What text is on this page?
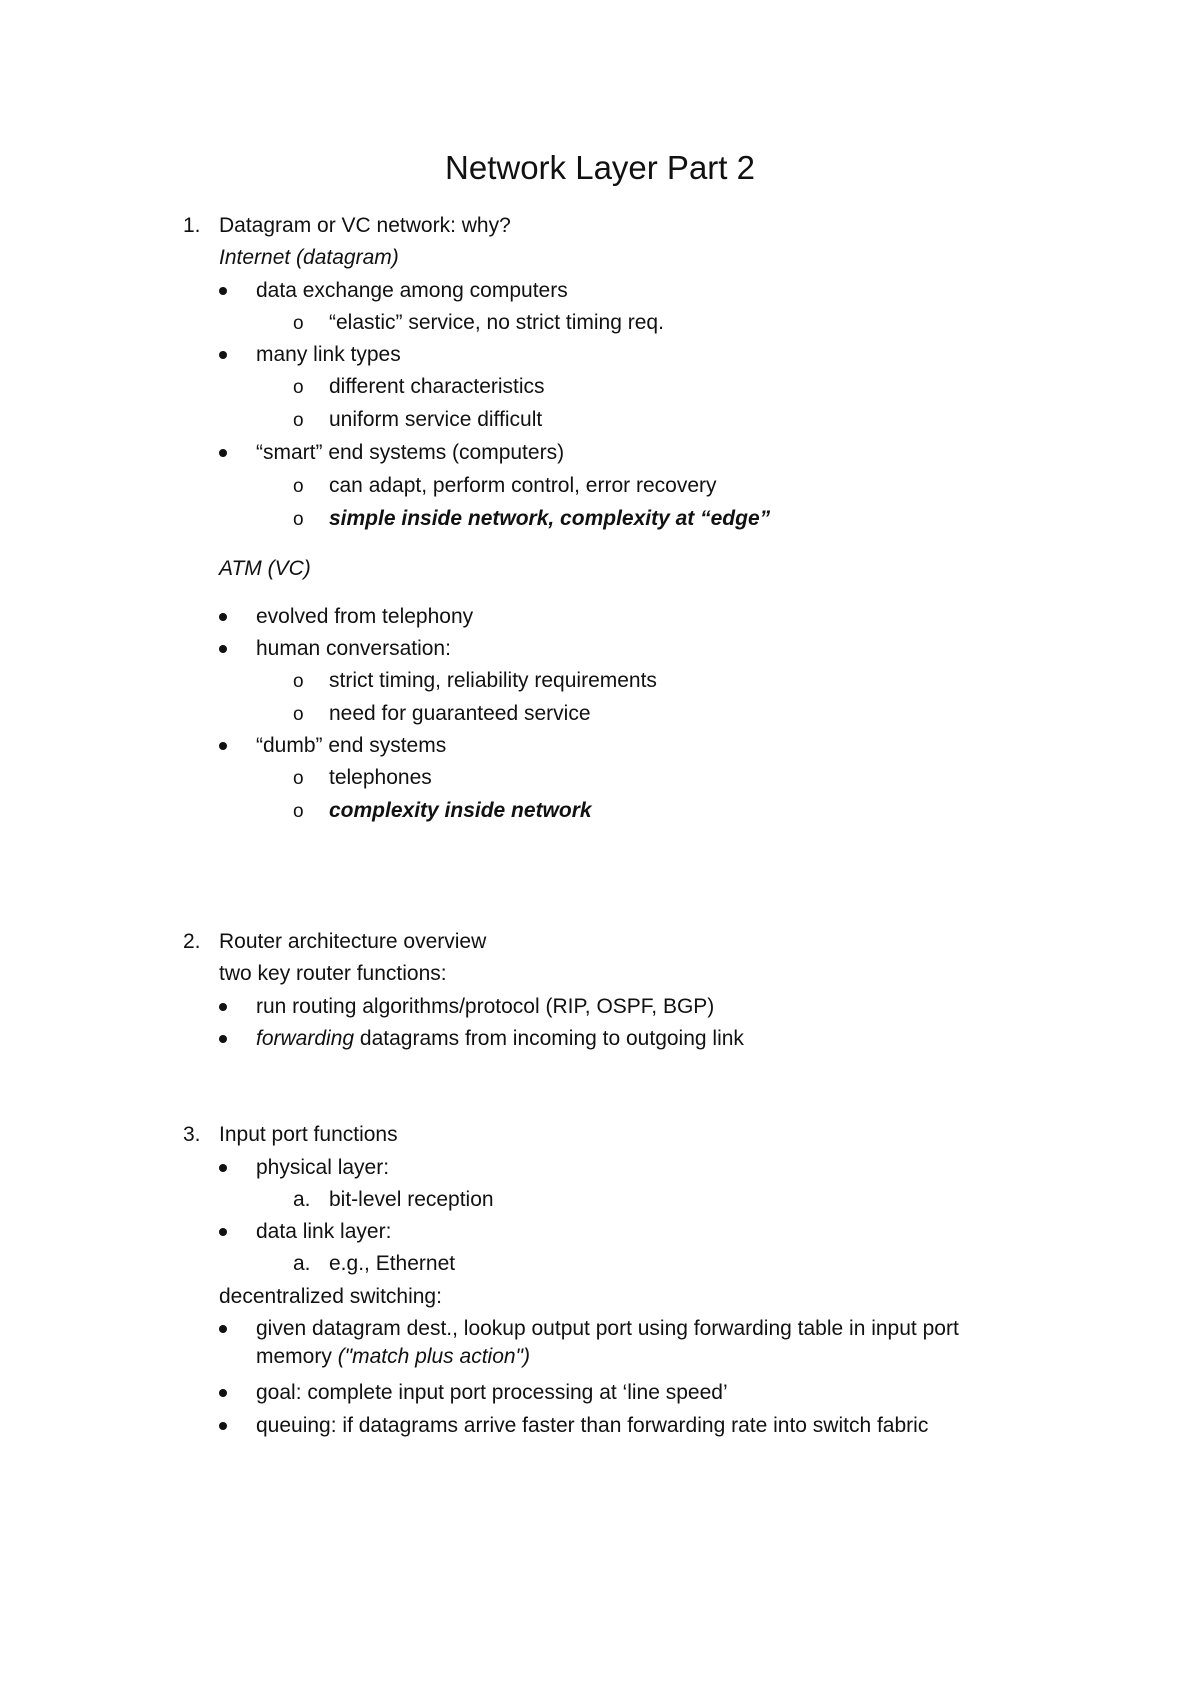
Network Layer Part 2
1. Datagram or VC network: why?
Internet (datagram)
data exchange among computers
o “elastic” service, no strict timing req.
many link types
o different characteristics
o uniform service difficult
“smart” end systems (computers)
o can adapt, perform control, error recovery
o simple inside network, complexity at “edge”
ATM (VC)
evolved from telephony
human conversation:
o strict timing, reliability requirements
o need for guaranteed service
“dumb” end systems
o telephones
o complexity inside network
2. Router architecture overview
two key router functions:
run routing algorithms/protocol (RIP, OSPF, BGP)
forwarding datagrams from incoming to outgoing link
3. Input port functions
physical layer:
a. bit-level reception
data link layer:
a. e.g., Ethernet
decentralized switching:
given datagram dest., lookup output port using forwarding table in input port memory ("match plus action")
goal: complete input port processing at ‘line speed’
queuing: if datagrams arrive faster than forwarding rate into switch fabric
